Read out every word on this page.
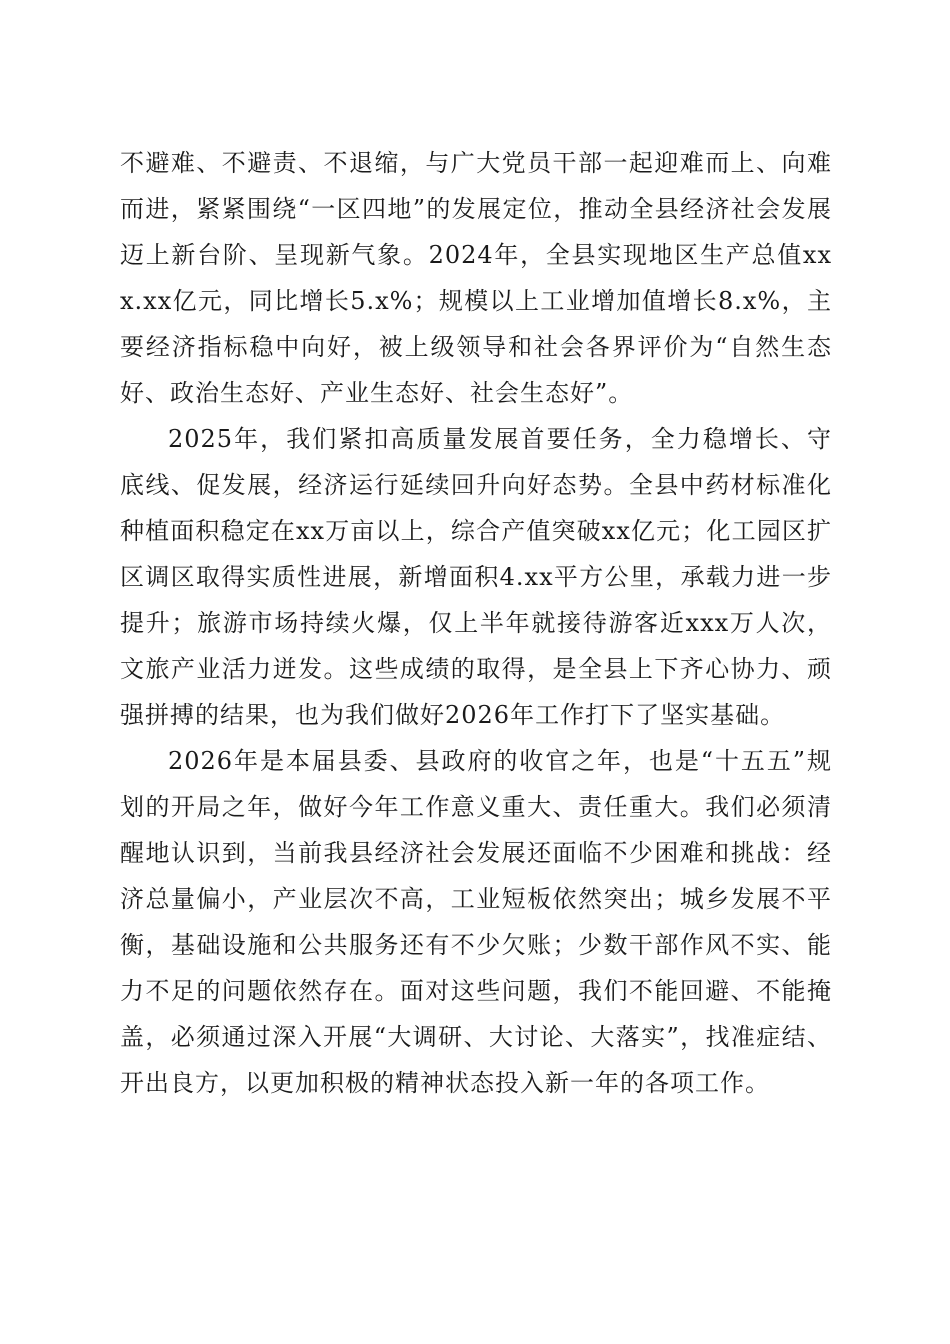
不避难、不避责、不退缩，与广大党员干部一起迎难而上、向难而进，紧紧围绕“一区四地”的发展定位，推动全县经济社会发展迈上新台阶、呈现新气象。2024年，全县实现地区生产总值xxx.xx亿元，同比增长5.x%；规模以上工业增加值增长8.x%，主要经济指标稳中向好，被上级领导和社会各界评价为“自然生态好、政治生态好、产业生态好、社会生态好”。

2025年，我们紧扣高质量发展首要任务，全力稳增长、守底线、促发展，经济运行延续回升向好态势。全县中药材标准化种植面积稳定在xx万亩以上，综合产值突破xx亿元；化工园区扩区调区取得实质性进展，新增面积4.xx平方公里，承载力进一步提升；旅游市场持续火爆，仅上半年就接待游客近xxx万人次，文旅产业活力迸发。这些成绩的取得，是全县上下齐心协力、顽强拼搏的结果，也为我们做好2026年工作打下了坚实基础。

2026年是本届县委、县政府的收官之年，也是“十五五”规划的开局之年，做好今年工作意义重大、责任重大。我们必须清醒地认识到，当前我县经济社会发展还面临不少困难和挑战：经济总量偏小，产业层次不高，工业短板依然突出；城乡发展不平衡，基础设施和公共服务还有不少欠账；少数干部作风不实、能力不足的问题依然存在。面对这些问题，我们不能回避、不能掩盖，必须通过深入开展“大调研、大讨论、大落实”，找准症结、开出良方，以更加积极的精神状态投入新一年的各项工作。
